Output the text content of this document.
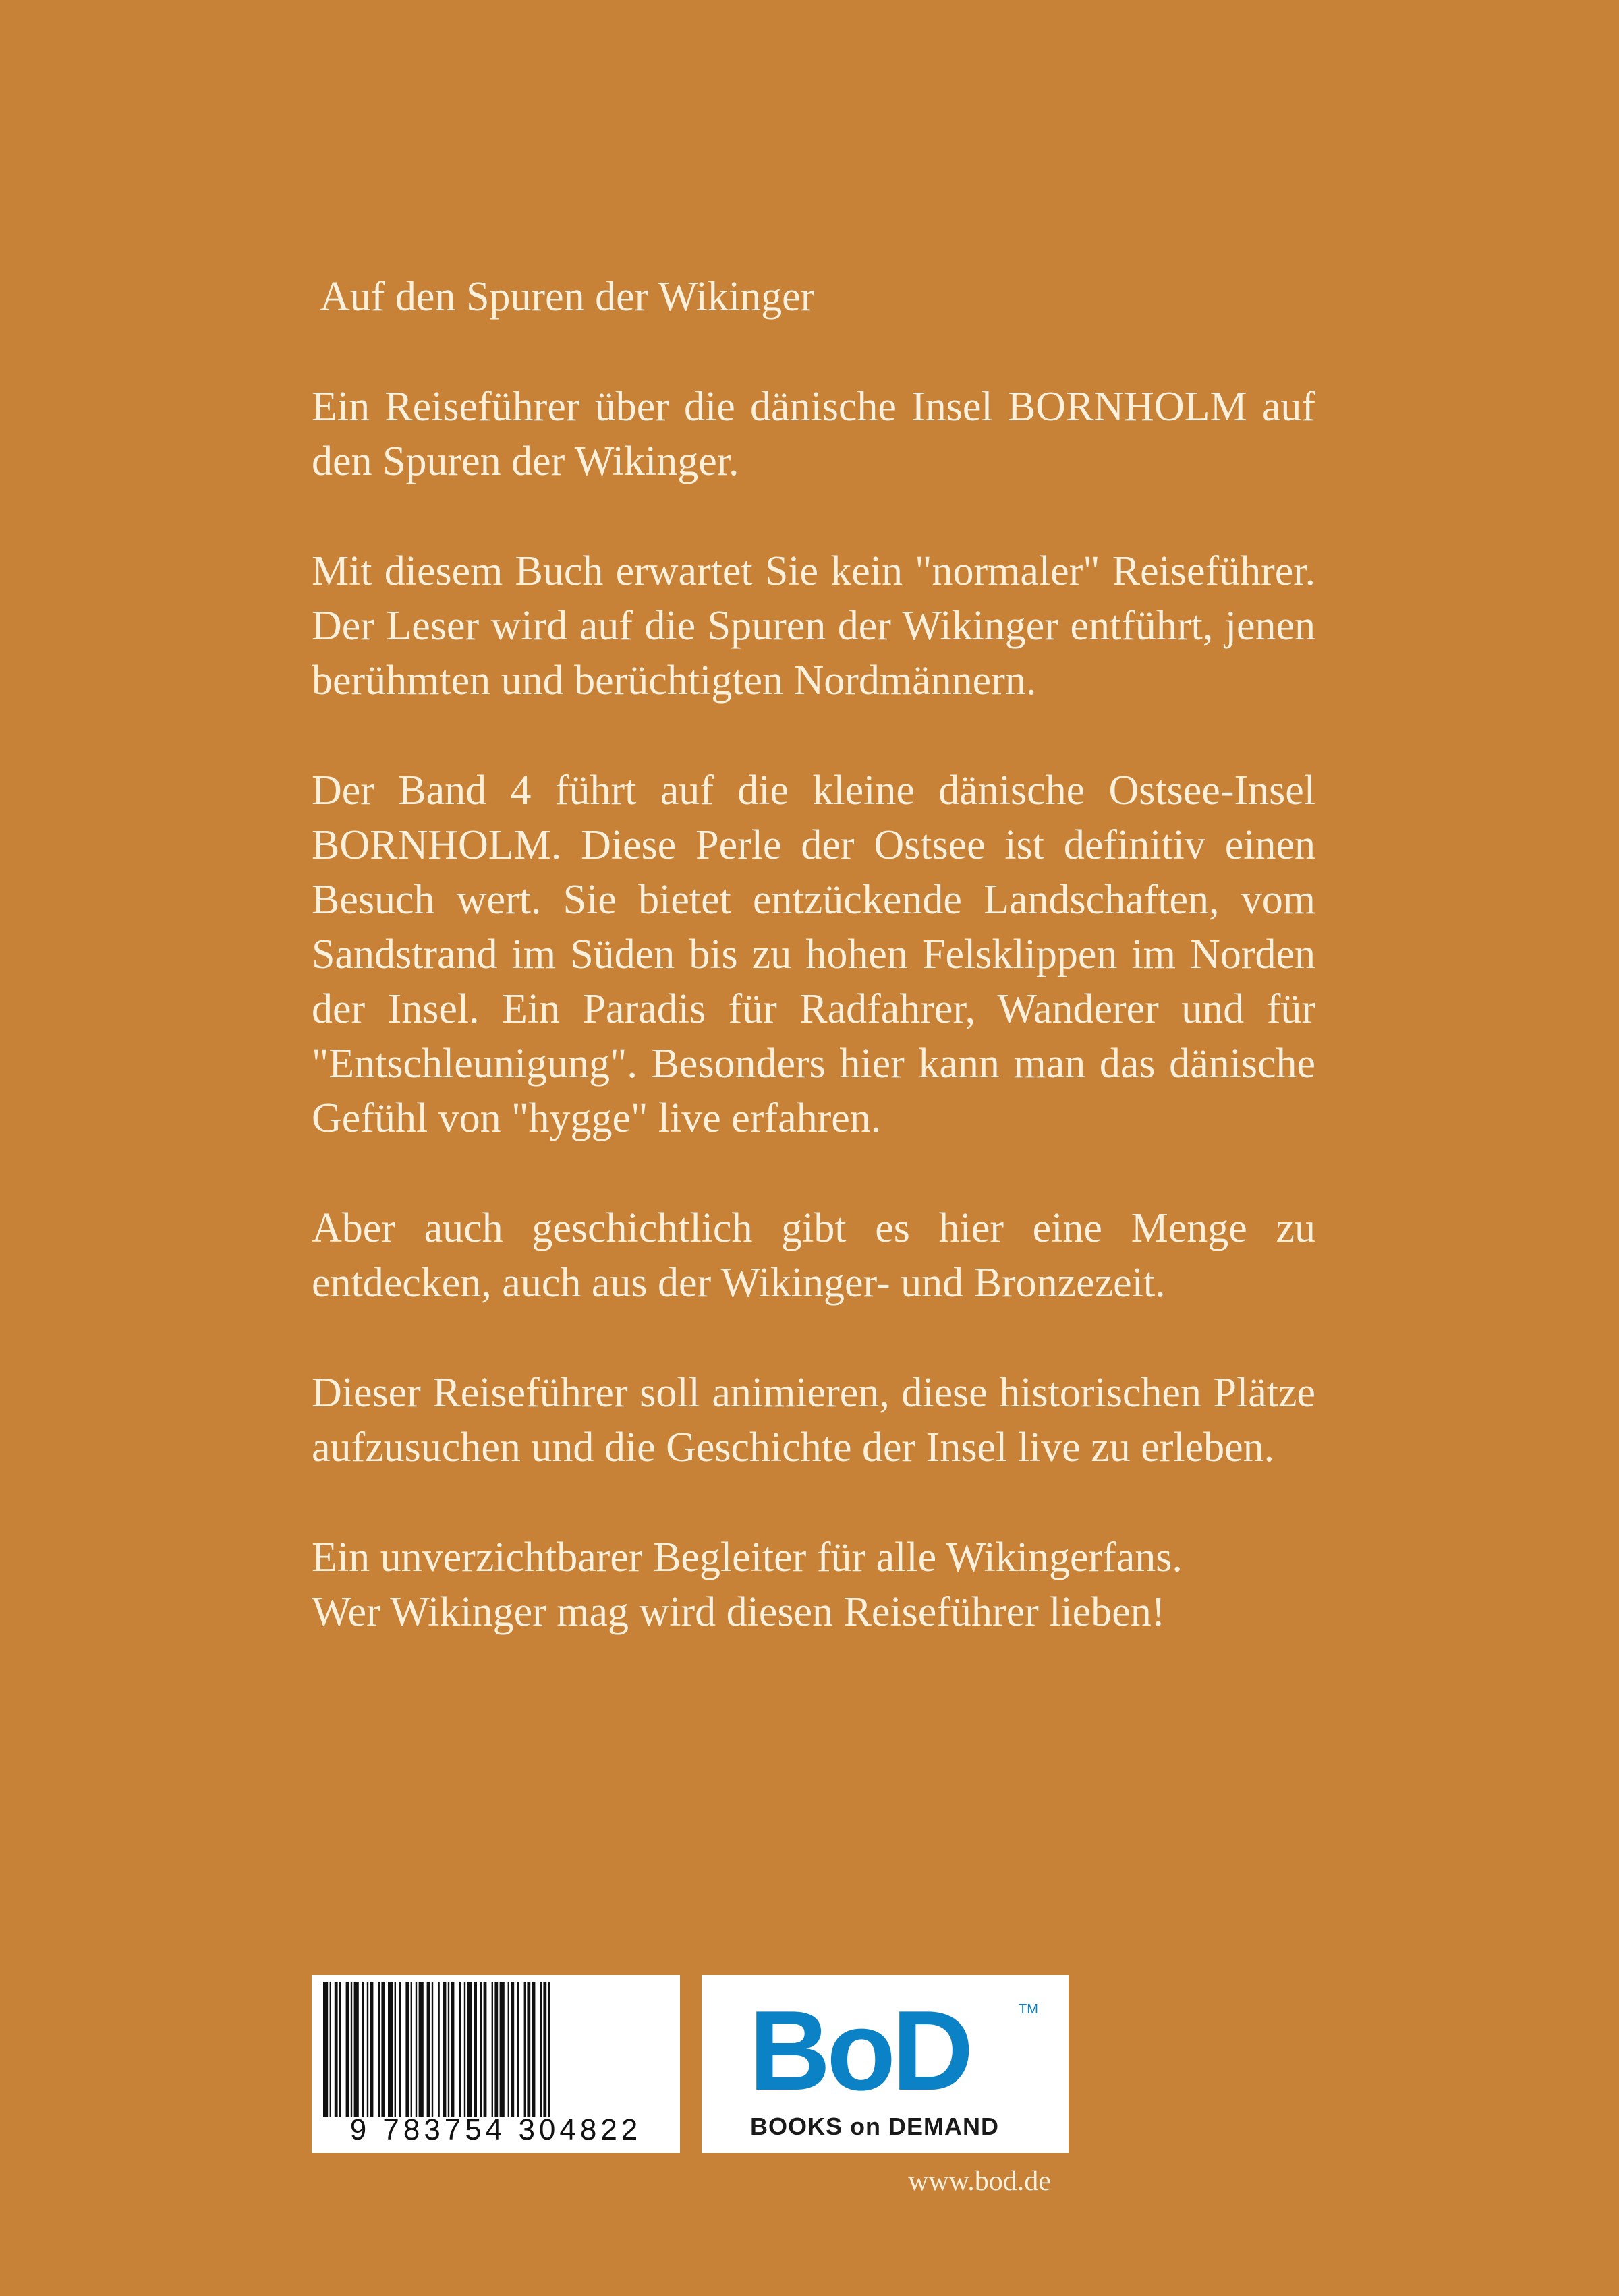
Auf den Spuren der Wikinger

Ein Reiseführer über die dänische Insel BORNHOLM auf den Spuren der Wikinger.

Mit diesem Buch erwartet Sie kein "normaler" Reiseführer. Der Leser wird auf die Spuren der Wikinger entführt, jenen berühmten und berüchtigten Nordmännern.

Der Band 4 führt auf die kleine dänische Ostsee-Insel BORNHOLM. Diese Perle der Ostsee ist definitiv einen Besuch wert. Sie bietet entzückende Landschaften, vom Sandstrand im Süden bis zu hohen Felsklippen im Norden der Insel. Ein Paradis für Radfahrer, Wanderer und für "Entschleunigung". Besonders hier kann man das dänische Gefühl von "hygge" live erfahren.

Aber auch geschichtlich gibt es hier eine Menge zu entdecken, auch aus der Wikinger- und Bronzezeit.

Dieser Reiseführer soll animieren, diese historischen Plätze aufzusuchen und die Geschichte der Insel live zu erleben.

Ein unverzichtbarer Begleiter für alle Wikingerfans.
Wer Wikinger mag wird diesen Reiseführer lieben!

9 783754 304822
BoD	TM
BOOKS on DEMAND
www.bod.de
